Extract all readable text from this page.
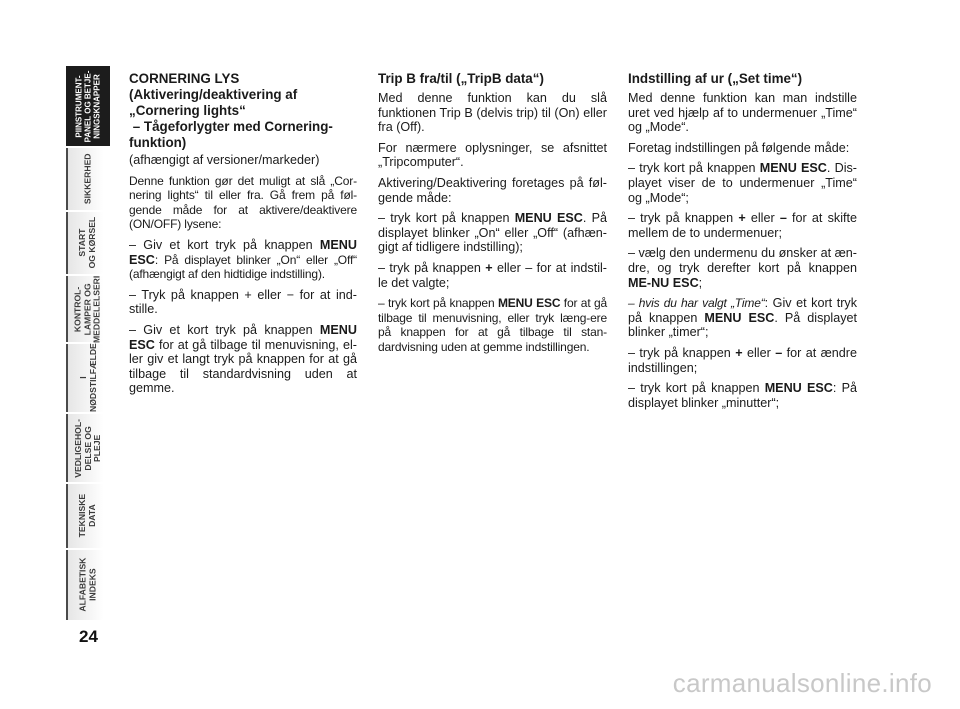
PIINSTRUMENT-
PANEL OG BETJE-
NINGSKNAPPER
SIKKERHED
START
OG KØRSEL
KONTROL-
LAMPER OG
MEDDELELSERI
I
NØDSTILFÆLDE
VEDLIGEHOL-
DELSE OG
PLEJE
TEKNISKE
DATA
ALFABETISK
INDEKS
24
CORNERING LYS
(Aktivering/deaktivering af
„Cornering lights“
– Tågeforlygter med Cornering-
funktion)

(afhængigt af versioner/markeder)

Denne funktion gør det muligt at slå „Cor-nering lights“ til eller fra. Gå frem på føl-gende måde for at aktivere/deaktivere (ON/OFF) lysene:

– Giv et kort tryk på knappen MENU ESC: På displayet blinker „On“ eller „Off“ (afhængigt af den hidtidige indstilling).

– Tryk på knappen + eller − for at ind-stille.

– Giv et kort tryk på knappen MENU ESC for at gå tilbage til menuvisning, el-ler giv et langt tryk på knappen for at gå tilbage til standardvisning uden at gemme.

Trip B fra/til („TripB data“)

Med denne funktion kan du slå funktionen Trip B (delvis trip) til (On) eller fra (Off).

For nærmere oplysninger, se afsnittet „Tripcomputer“.

Aktivering/Deaktivering foretages på føl-gende måde:

– tryk kort på knappen MENU ESC. På displayet blinker „On“ eller „Off“ (afhæn-gigt af tidligere indstilling);

– tryk på knappen + eller – for at indstil-le det valgte;

– tryk kort på knappen MENU ESC for at gå tilbage til menuvisning, eller tryk læng-ere på knappen for at gå tilbage til stan-dardvisning uden at gemme indstillingen.

Indstilling af ur („Set time“)

Med denne funktion kan man indstille uret ved hjælp af to undermenuer „Time“ og „Mode“.

Foretag indstillingen på følgende måde:

– tryk kort på knappen MENU ESC. Dis-playet viser de to undermenuer „Time“ og „Mode“;

– tryk på knappen + eller – for at skifte mellem de to undermenuer;

– vælg den undermenu du ønsker at æn-dre, og tryk derefter kort på knappen ME-NU ESC;

– hvis du har valgt „Time“: Giv et kort tryk på knappen MENU ESC. På displayet blinker „timer“;

– tryk på knappen + eller – for at ændre indstillingen;

– tryk kort på knappen MENU ESC: På displayet blinker „minutter“;

carmanualsonline.info
